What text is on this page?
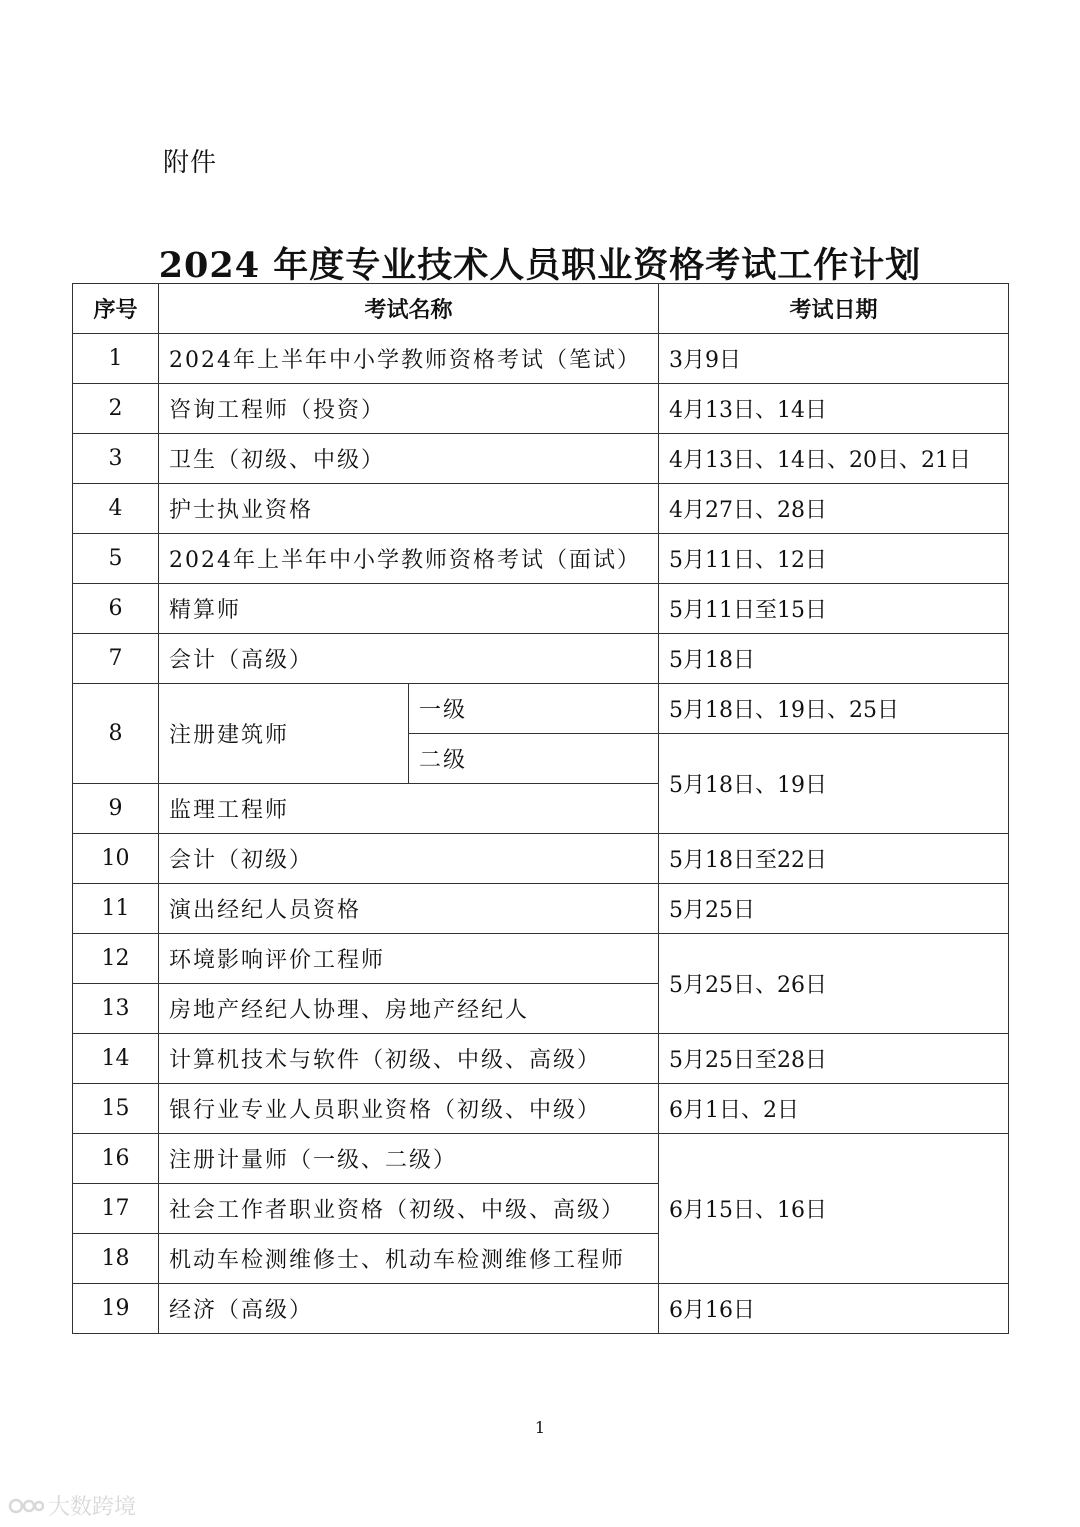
附件
2024 年度专业技术人员职业资格考试工作计划
序号	考试名称		考试日期
1	2024年上半年中小学教师资格考试（笔试）		3月9日
2	咨询工程师（投资）		4月13日、14日
3	卫生（初级、中级）		4月13日、14日、20日、21日
4	护士执业资格		4月27日、28日
5	2024年上半年中小学教师资格考试（面试）		5月11日、12日
6	精算师		5月11日至15日
7	会计（高级）		5月18日
8	注册建筑师	一级	5月18日、19日、25日
		二级	5月18日、19日
9	监理工程师		
10	会计（初级）		5月18日至22日
11	演出经纪人员资格		5月25日
12	环境影响评价工程师		5月25日、26日
13	房地产经纪人协理、房地产经纪人		
14	计算机技术与软件（初级、中级、高级）		5月25日至28日
15	银行业专业人员职业资格（初级、中级）		6月1日、2日
16	注册计量师（一级、二级）		6月15日、16日
17	社会工作者职业资格（初级、中级、高级）		
18	机动车检测维修士、机动车检测维修工程师		
19	经济（高级）		6月16日
1
大数跨境
